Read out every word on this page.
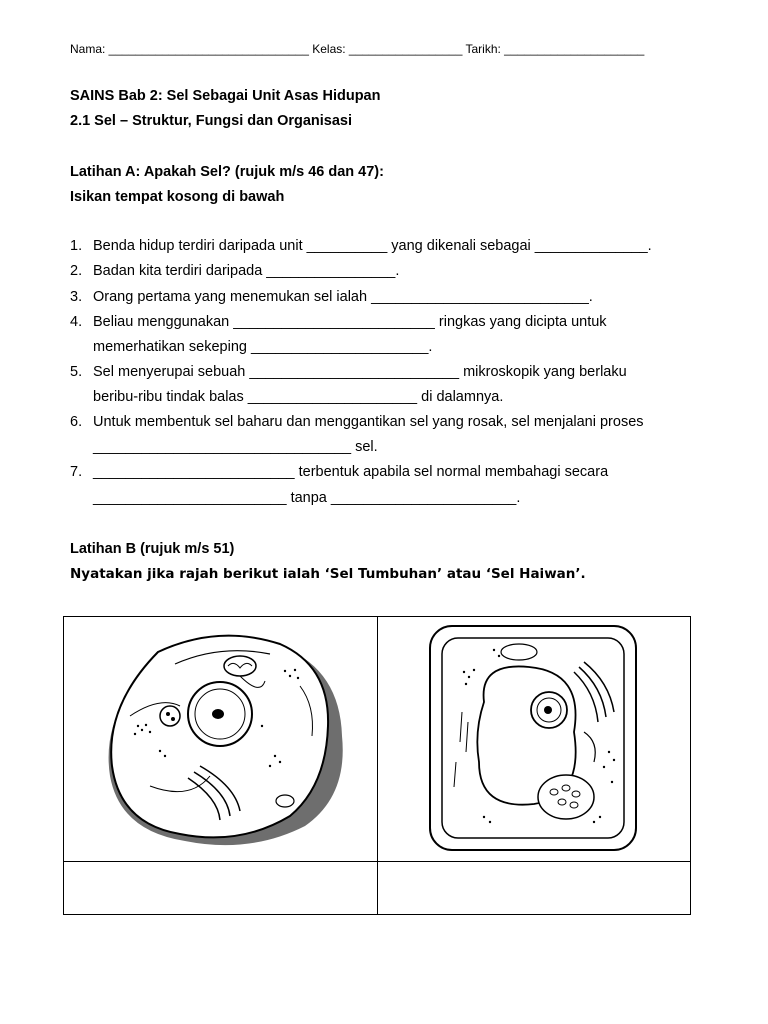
Nama: ______________________________ Kelas: _________________ Tarikh: _____________________
SAINS Bab 2: Sel Sebagai Unit Asas Hidupan
2.1 Sel – Struktur, Fungsi dan Organisasi
Latihan A: Apakah Sel? (rujuk m/s 46 dan 47):
Isikan tempat kosong di bawah
1. Benda hidup terdiri daripada unit __________ yang dikenali sebagai ______________.
2. Badan kita terdiri daripada ________________.
3. Orang pertama yang menemukan sel ialah ___________________________.
4. Beliau menggunakan _________________________ ringkas yang dicipta untuk
memerhatikan sekeping ______________________.
5. Sel menyerupai sebuah __________________________ mikroskopik yang berlaku
beribu-ribu tindak balas _____________________ di dalamnya.
6. Untuk membentuk sel baharu dan menggantikan sel yang rosak, sel menjalani proses
________________________________ sel.
7. _________________________ terbentuk apabila sel normal membahagi secara
________________________ tanpa _______________________.
Latihan B (rujuk m/s 51)
Nyatakan jika rajah berikut ialah ‘Sel Tumbuhan’ atau ‘Sel Haiwan’.
